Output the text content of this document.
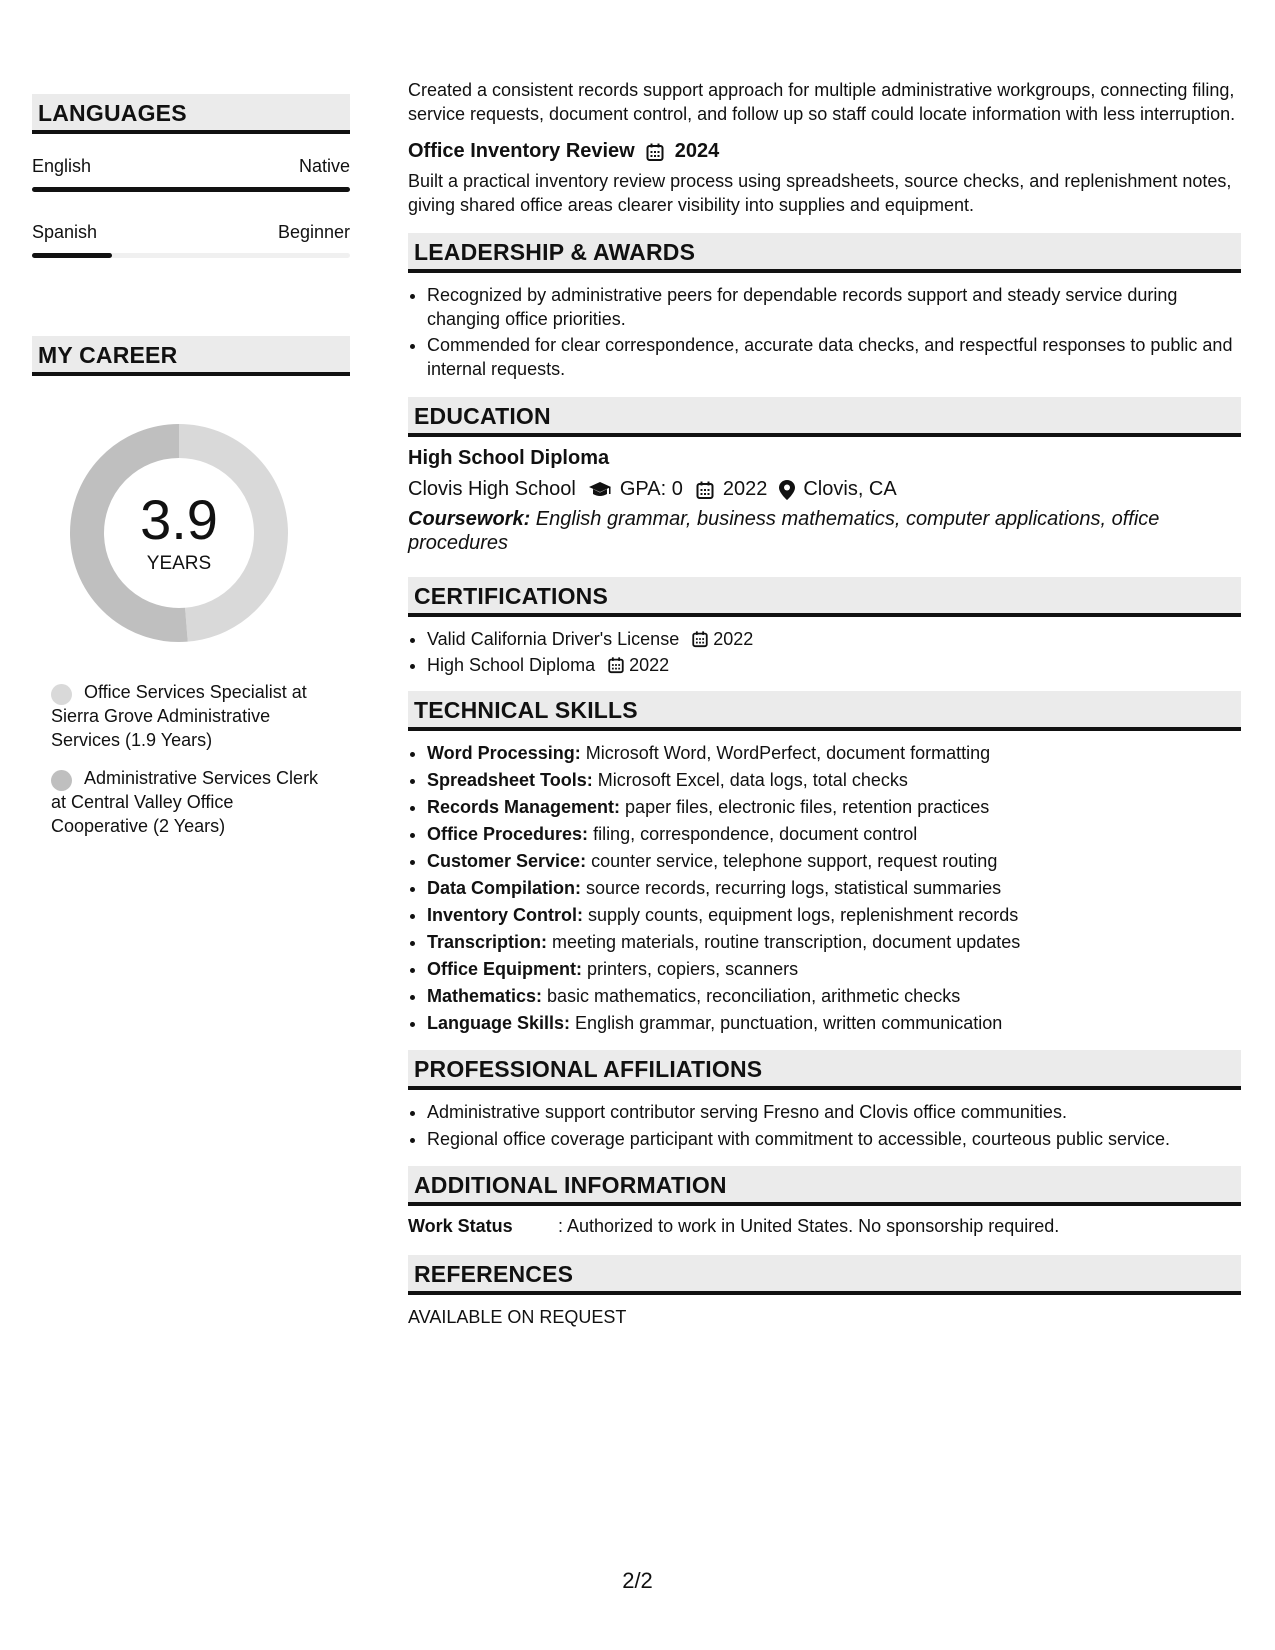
LANGUAGES
English	Native
Spanish	Beginner
MY CAREER
3.9
YEARS
Office Services Specialist at Sierra Grove Administrative Services (1.9 Years)
Administrative Services Clerk at Central Valley Office Cooperative (2 Years)
Created a consistent records support approach for multiple administrative workgroups, connecting filing, service requests, document control, and follow up so staff could locate information with less interruption.
Office Inventory Review 2024
Built a practical inventory review process using spreadsheets, source checks, and replenishment notes, giving shared office areas clearer visibility into supplies and equipment.
LEADERSHIP & AWARDS
• Recognized by administrative peers for dependable records support and steady service during changing office priorities.
• Commended for clear correspondence, accurate data checks, and respectful responses to public and internal requests.
EDUCATION
High School Diploma
Clovis High School GPA: 0 2022 Clovis, CA
Coursework: English grammar, business mathematics, computer applications, office procedures
CERTIFICATIONS
• Valid California Driver's License 2022
• High School Diploma 2022
TECHNICAL SKILLS
• Word Processing: Microsoft Word, WordPerfect, document formatting
• Spreadsheet Tools: Microsoft Excel, data logs, total checks
• Records Management: paper files, electronic files, retention practices
• Office Procedures: filing, correspondence, document control
• Customer Service: counter service, telephone support, request routing
• Data Compilation: source records, recurring logs, statistical summaries
• Inventory Control: supply counts, equipment logs, replenishment records
• Transcription: meeting materials, routine transcription, document updates
• Office Equipment: printers, copiers, scanners
• Mathematics: basic mathematics, reconciliation, arithmetic checks
• Language Skills: English grammar, punctuation, written communication
PROFESSIONAL AFFILIATIONS
• Administrative support contributor serving Fresno and Clovis office communities.
• Regional office coverage participant with commitment to accessible, courteous public service.
ADDITIONAL INFORMATION
Work Status	: Authorized to work in United States. No sponsorship required.
REFERENCES
AVAILABLE ON REQUEST
2/2
